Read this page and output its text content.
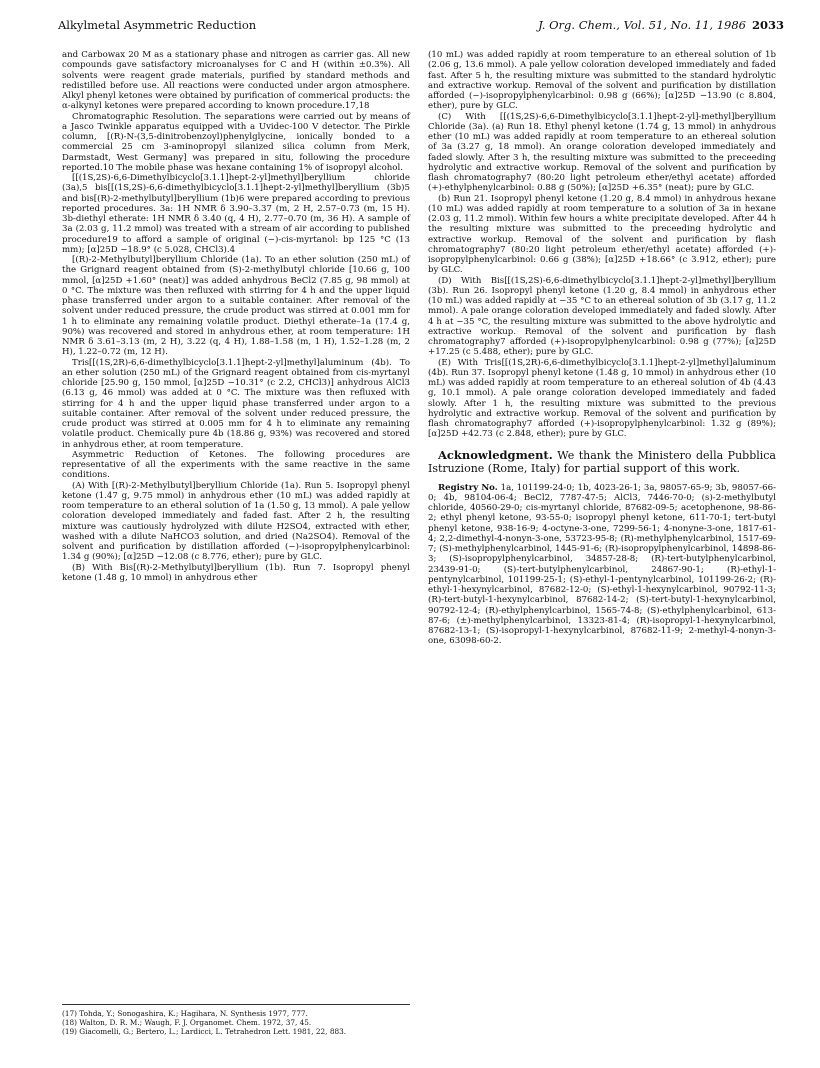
Alkylmetal Asymmetric Reduction	J. Org. Chem., Vol. 51, No. 11, 1986 2033

and Carbowax 20 M as a stationary phase and nitrogen as carrier gas. All new compounds gave satisfactory microanalyses for C and H (within ±0.3%). All solvents were reagent grade materials, purified by standard methods and redistilled before use. All reactions were conducted under argon atmosphere. Alkyl phenyl ketones were obtained by purification of commerical products: the α-alkynyl ketones were prepared according to known procedure.17,18

Chromatographic Resolution. The separations were carried out by means of a Jasco Twinkle apparatus equipped with a Uvidec-100 V detector. The Pirkle column, [(R)-N-(3,5-dinitrobenzoyl)phenylglycine, ionically bonded to a commercial 25 cm 3-aminopropyl silanized silica column from Merk, Darmstadt, West Germany] was prepared in situ, following the procedure reported.10 The mobile phase was hexane containing 1% of isopropyl alcohol.

[[(1S,2S)-6,6-Dimethylbicyclo[3.1.1]hept-2-yl]methyl]beryllium chloride (3a),5 bis[[(1S,2S)-6,6-dimethylbicyclo[3.1.1]hept-2-yl]methyl]beryllium (3b)5 and bis[(R)-2-methylbutyl]beryllium (1b)6 were prepared according to previous reported procedures. 3a: 1H NMR δ 3.90–3.37 (m, 2 H, 2.57–0.73 (m, 15 H). 3b-diethyl etherate: 1H NMR δ 3.40 (q, 4 H), 2.77–0.70 (m, 36 H). A sample of 3a (2.03 g, 11.2 mmol) was treated with a stream of air according to published procedure19 to afford a sample of original (−)-cis-myrtanol: bp 125 °C (13 mm); [α]25D −18.9° (c 5.028, CHCl3).4

[(R)-2-Methylbutyl]beryllium Chloride (1a). To an ether solution (250 mL) of the Grignard reagent obtained from (S)-2-methylbutyl chloride [10.66 g, 100 mmol, [α]25D +1.60° (neat)] was added anhydrous BeCl2 (7.85 g, 98 mmol) at 0 °C. The mixture was then refluxed with stirring for 4 h and the upper liquid phase transferred under argon to a suitable container. After removal of the solvent under reduced pressure, the crude product was stirred at 0.001 mm for 1 h to eliminate any remaining volatile product. Diethyl etherate–1a (17.4 g, 90%) was recovered and stored in anhydrous ether, at room temperature: 1H NMR δ 3.61–3.13 (m, 2 H), 3.22 (q, 4 H), 1.88–1.58 (m, 1 H), 1.52–1.28 (m, 2 H), 1.22–0.72 (m, 12 H).

Tris[[(1S,2R)-6,6-dimethylbicyclo[3.1.1]hept-2-yl]methyl]aluminum (4b). To an ether solution (250 mL) of the Grignard reagent obtained from cis-myrtanyl chloride [25.90 g, 150 mmol, [α]25D −10.31° (c 2.2, CHCl3)] anhydrous AlCl3 (6.13 g, 46 mmol) was added at 0 °C. The mixture was then refluxed with stirring for 4 h and the upper liquid phase transferred under argon to a suitable container. After removal of the solvent under reduced pressure, the crude product was stirred at 0.005 mm for 4 h to eliminate any remaining volatile product. Chemically pure 4b (18.86 g, 93%) was recovered and stored in anhydrous ether, at room temperature.

Asymmetric Reduction of Ketones. The following procedures are representative of all the experiments with the same reactive in the same conditions.

(A) With [(R)-2-Methylbutyl]beryllium Chloride (1a). Run 5. Isopropyl phenyl ketone (1.47 g, 9.75 mmol) in anhydrous ether (10 mL) was added rapidly at room temperature to an etheral solution of 1a (1.50 g, 13 mmol). A pale yellow coloration developed immediately and faded fast. After 2 h, the resulting mixture was cautiously hydrolyzed with dilute H2SO4, extracted with ether, washed with a dilute NaHCO3 solution, and dried (Na2SO4). Removal of the solvent and purification by distillation afforded (−)-isopropylphenylcarbinol: 1.34 g (90%); [α]25D −12.08 (c 8.776, ether); pure by GLC.

(B) With Bis[(R)-2-Methylbutyl]beryllium (1b). Run 7. Isopropyl phenyl ketone (1.48 g, 10 mmol) in anhydrous ether

(17) Tohda, Y.; Sonogashira, K.; Hagihara, N. Synthesis 1977, 777.
(18) Walton, D. R. M.; Waugh, F. J. Organomet. Chem. 1972, 37, 45.
(19) Giacomelli, G.; Bertero, L.; Lardicci, L. Tetrahedron Lett. 1981, 22, 883.

(10 mL) was added rapidly at room temperature to an ethereal solution of 1b (2.06 g, 13.6 mmol). A pale yellow coloration developed immediately and faded fast. After 5 h, the resulting mixture was submitted to the standard hydrolytic and extractive workup. Removal of the solvent and purification by distillation afforded (−)-isopropylphenylcarbinol: 0.98 g (66%); [α]25D −13.90 (c 8.804, ether), pure by GLC.

(C) With [[(1S,2S)-6,6-Dimethylbicyclo[3.1.1]hept-2-yl]-methyl]beryllium Chloride (3a). (a) Run 18. Ethyl phenyl ketone (1.74 g, 13 mmol) in anhydrous ether (10 mL) was added rapidly at room temperature to an ethereal solution of 3a (3.27 g, 18 mmol). An orange coloration developed immediately and faded slowly. After 3 h, the resulting mixture was submitted to the preceeding hydrolytic and extractive workup. Removal of the solvent and purification by flash chromatography7 (80:20 light petroleum ether/ethyl acetate) afforded (+)-ethylphenylcarbinol: 0.88 g (50%); [α]25D +6.35° (neat); pure by GLC.

(b) Run 21. Isopropyl phenyl ketone (1.20 g, 8.4 mmol) in anhydrous hexane (10 mL) was added rapidly at room temperature to a solution of 3a in hexane (2.03 g, 11.2 mmol). Within few hours a white precipitate developed. After 44 h the resulting mixture was submitted to the preceeding hydrolytic and extractive workup. Removal of the solvent and purification by flash chromatography7 (80:20 light petroleum ether/ethyl acetate) afforded (+)-isopropylphenylcarbinol: 0.66 g (38%); [α]25D +18.66° (c 3.912, ether); pure by GLC.

(D) With Bis[[(1S,2S)-6,6-dimethylbicyclo[3.1.1]hept-2-yl]methyl]beryllium (3b). Run 26. Isopropyl phenyl ketone (1.20 g, 8.4 mmol) in anhydrous ether (10 mL) was added rapidly at −35 °C to an ethereal solution of 3b (3.17 g, 11.2 mmol). A pale orange coloration developed immediately and faded slowly. After 4 h at −35 °C, the resulting mixture was submitted to the above hydrolytic and extractive workup. Removal of the solvent and purification by flash chromatography7 afforded (+)-isopropylphenylcarbinol: 0.98 g (77%); [α]25D +17.25 (c 5.488, ether); pure by GLC.

(E) With Tris[[(1S,2R)-6,6-dimethylbicyclo[3.1.1]hept-2-yl]methyl]aluminum (4b). Run 37. Isopropyl phenyl ketone (1.48 g, 10 mmol) in anhydrous ether (10 mL) was added rapidly at room temperature to an ethereal solution of 4b (4.43 g, 10.1 mmol). A pale orange coloration developed immediately and faded slowly. After 1 h, the resulting mixture was submitted to the previous hydrolytic and extractive workup. Removal of the solvent and purification by flash chromatography7 afforded (+)-isopropylphenylcarbinol: 1.32 g (89%); [α]25D +42.73 (c 2.848, ether); pure by GLC.

Acknowledgment. We thank the Ministero della Pubblica Istruzione (Rome, Italy) for partial support of this work.

Registry No. 1a, 101199-24-0; 1b, 4023-26-1; 3a, 98057-65-9; 3b, 98057-66-0; 4b, 98104-06-4; BeCl2, 7787-47-5; AlCl3, 7446-70-0; (s)-2-methylbutyl chloride, 40560-29-0; cis-myrtanyl chloride, 87682-09-5; acetophenone, 98-86-2; ethyl phenyl ketone, 93-55-0; isopropyl phenyl ketone, 611-70-1; tert-butyl phenyl ketone, 938-16-9; 4-octyne-3-one, 7299-56-1; 4-nonyne-3-one, 1817-61-4; 2,2-dimethyl-4-nonyn-3-one, 53723-95-8; (R)-methylphenylcarbinol, 1517-69-7; (S)-methylphenylcarbinol, 1445-91-6; (R)-isopropylphenylcarbinol, 14898-86-3; (S)-isopropylphenylcarbinol, 34857-28-8; (R)-tert-butylphenylcarbinol, 23439-91-0; (S)-tert-butylphenylcarbinol, 24867-90-1; (R)-ethyl-1-pentynylcarbinol, 101199-25-1; (S)-ethyl-1-pentynylcarbinol, 101199-26-2; (R)-ethyl-1-hexynylcarbinol, 87682-12-0; (S)-ethyl-1-hexynylcarbinol, 90792-11-3; (R)-tert-butyl-1-hexynylcarbinol, 87682-14-2; (S)-tert-butyl-1-hexynylcarbinol, 90792-12-4; (R)-ethylphenylcarbinol, 1565-74-8; (S)-ethylphenylcarbinol, 613-87-6; (±)-methylphenylcarbinol, 13323-81-4; (R)-isopropyl-1-hexynylcarbinol, 87682-13-1; (S)-isopropyl-1-hexynylcarbinol, 87682-11-9; 2-methyl-4-nonyn-3-one, 63098-60-2.
